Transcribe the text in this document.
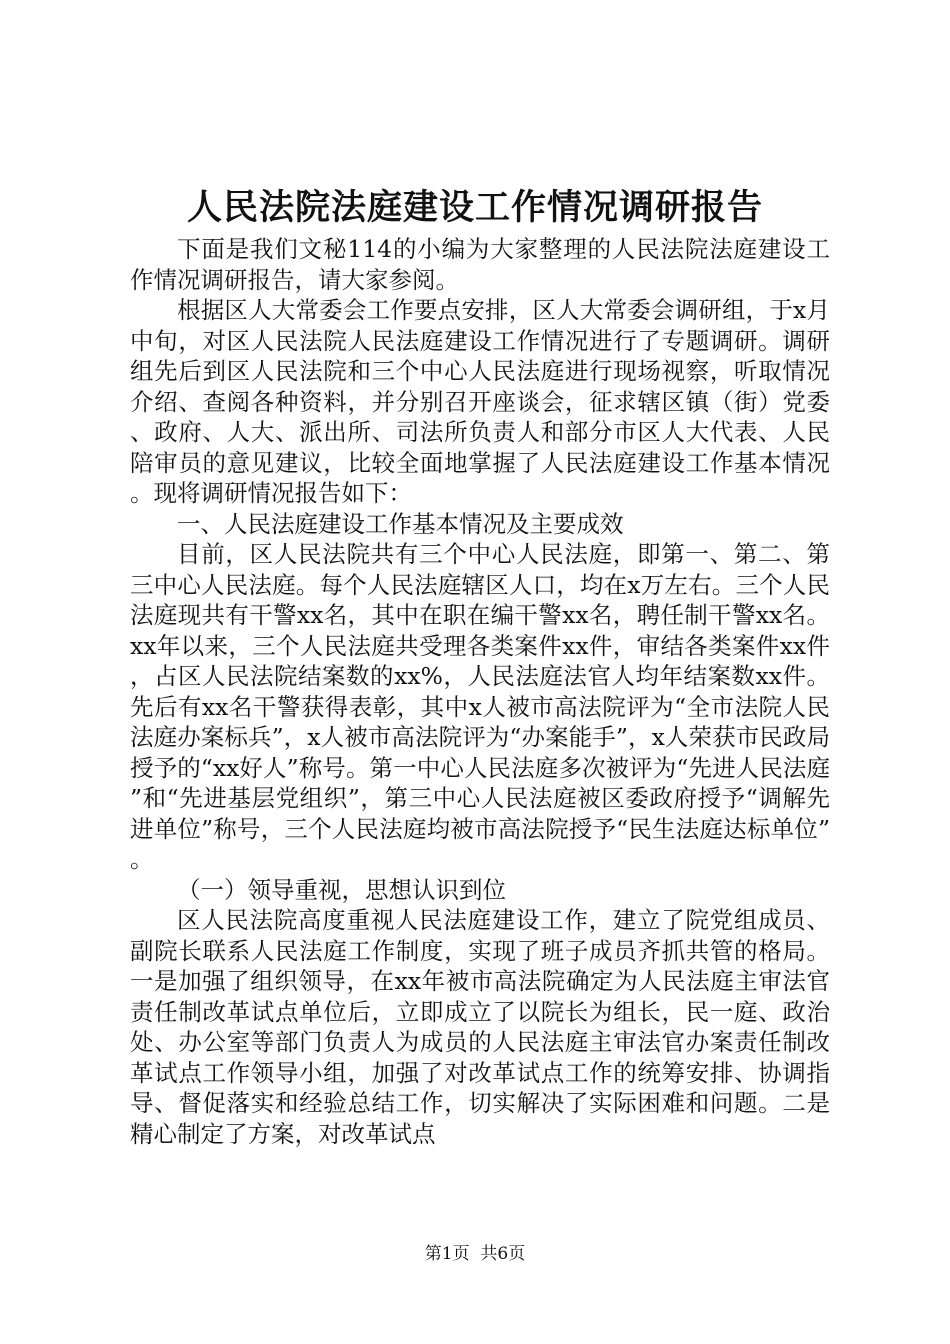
人民法院法庭建设工作情况调研报告

下面是我们文秘114的小编为大家整理的人民法院法庭建设工作情况调研报告，请大家参阅。

根据区人大常委会工作要点安排，区人大常委会调研组，于x月中旬，对区人民法院人民法庭建设工作情况进行了专题调研。调研组先后到区人民法院和三个中心人民法庭进行现场视察，听取情况介绍、查阅各种资料，并分别召开座谈会，征求辖区镇（街）党委、政府、人大、派出所、司法所负责人和部分市区人大代表、人民陪审员的意见建议，比较全面地掌握了人民法庭建设工作基本情况。现将调研情况报告如下：

一、人民法庭建设工作基本情况及主要成效

目前，区人民法院共有三个中心人民法庭，即第一、第二、第三中心人民法庭。每个人民法庭辖区人口，均在x万左右。三个人民法庭现共有干警xx名，其中在职在编干警xx名，聘任制干警xx名。xx年以来，三个人民法庭共受理各类案件xx件，审结各类案件xx件，占区人民法院结案数的xx%，人民法庭法官人均年结案数xx件。先后有xx名干警获得表彰，其中x人被市高法院评为“全市法院人民法庭办案标兵”，x人被市高法院评为“办案能手”，x人荣获市民政局授予的“xx好人”称号。第一中心人民法庭多次被评为“先进人民法庭”和“先进基层党组织”，第三中心人民法庭被区委政府授予“调解先进单位”称号，三个人民法庭均被市高法院授予“民生法庭达标单位”。

（一）领导重视，思想认识到位

区人民法院高度重视人民法庭建设工作，建立了院党组成员、副院长联系人民法庭工作制度，实现了班子成员齐抓共管的格局。一是加强了组织领导，在xx年被市高法院确定为人民法庭主审法官责任制改革试点单位后，立即成立了以院长为组长，民一庭、政治处、办公室等部门负责人为成员的人民法庭主审法官办案责任制改革试点工作领导小组，加强了对改革试点工作的统筹安排、协调指导、督促落实和经验总结工作，切实解决了实际困难和问题。二是精心制定了方案，对改革试点

第1页 共6页
